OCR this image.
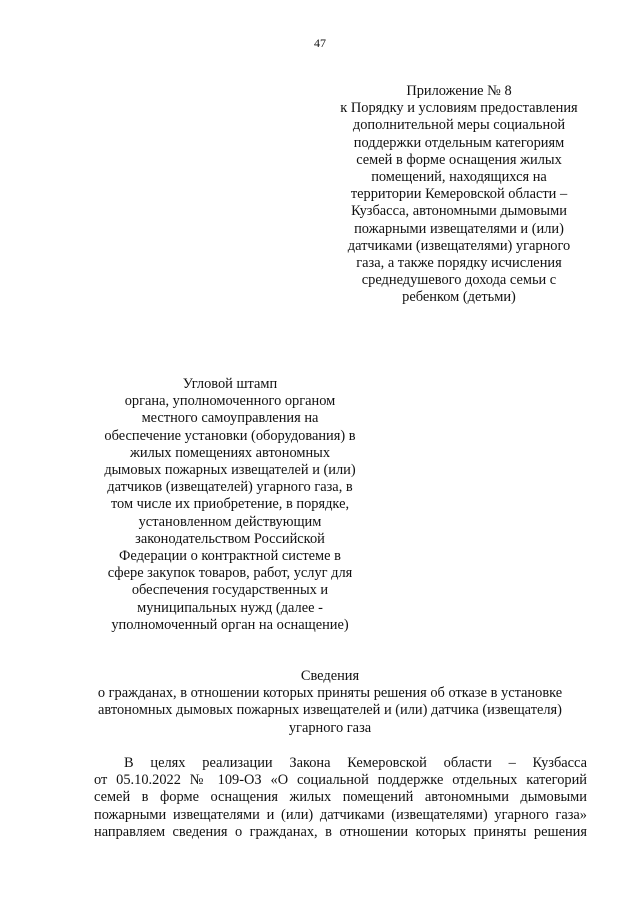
47
Приложение № 8
к Порядку и условиям предоставления
дополнительной меры социальной
поддержки отдельным категориям
семей в форме оснащения жилых
помещений, находящихся на
территории Кемеровской области –
Кузбасса, автономными дымовыми
пожарными извещателями и (или)
датчиками (извещателями) угарного
газа, а также порядку исчисления
среднедушевого дохода семьи с
ребенком (детьми)
Угловой штамп
органа, уполномоченного органом
местного самоуправления на
обеспечение установки (оборудования) в
жилых помещениях автономных
дымовых пожарных извещателей и (или)
датчиков (извещателей) угарного газа, в
том числе их приобретение, в порядке,
установленном действующим
законодательством Российской
Федерации о контрактной системе в
сфере закупок товаров, работ, услуг для
обеспечения государственных и
муниципальных нужд (далее -
уполномоченный орган на оснащение)
Сведения
о гражданах, в отношении которых приняты решения об отказе в установке
автономных дымовых пожарных извещателей и (или) датчика (извещателя)
угарного газа
В целях реализации Закона Кемеровской области – Кузбасса
от 05.10.2022 № 109-ОЗ «О социальной поддержке отдельных категорий
семей в форме оснащения жилых помещений автономными дымовыми
пожарными извещателями и (или) датчиками (извещателями) угарного газа»
направляем сведения о гражданах, в отношении которых приняты решения
